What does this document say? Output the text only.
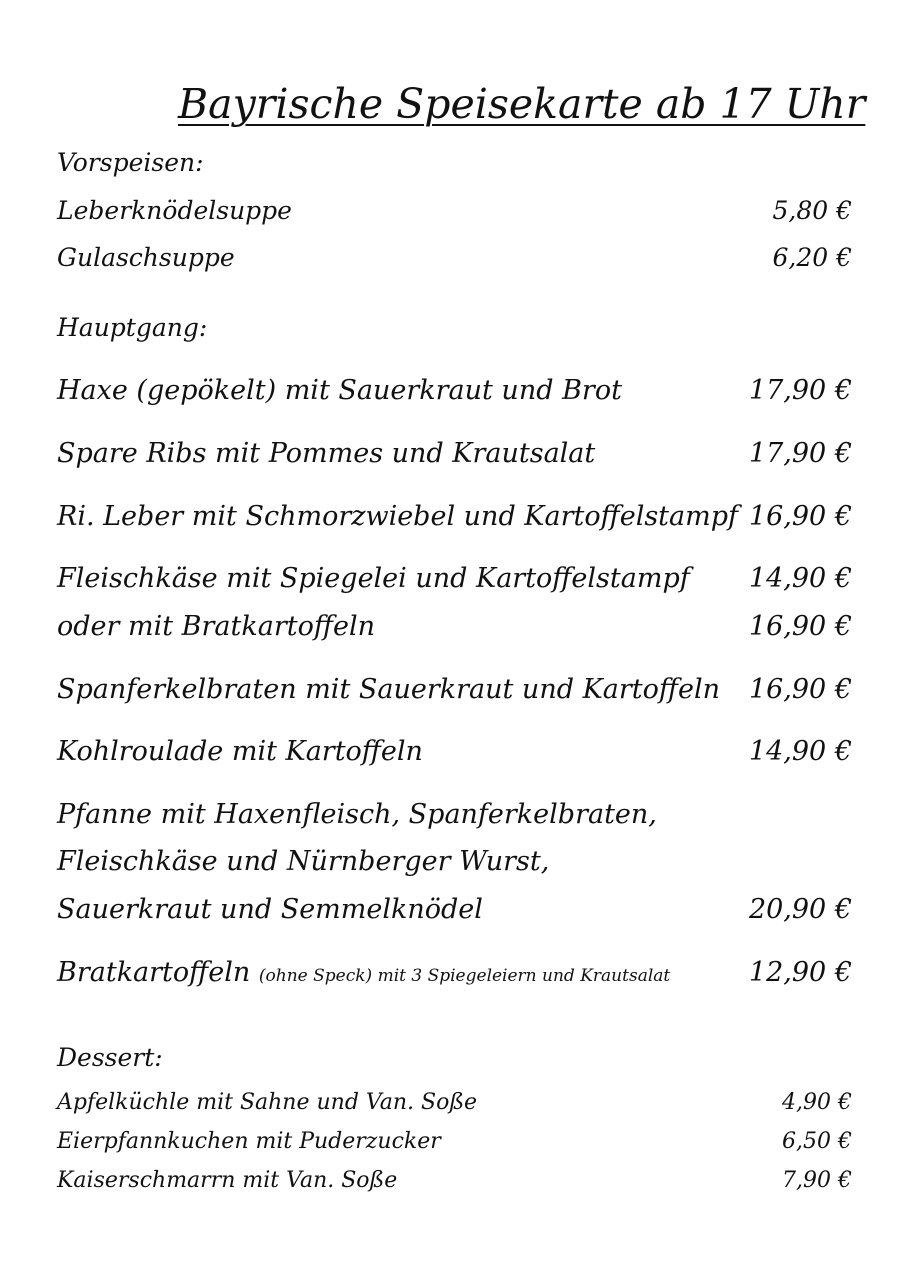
Bayrische Speisekarte ab 17 Uhr
Vorspeisen:
Leberknödelsuppe	5,80 €
Gulaschsuppe	6,20 €
Hauptgang:
Haxe (gepökelt) mit Sauerkraut und Brot	17,90 €
Spare Ribs mit Pommes und Krautsalat	17,90 €
Ri. Leber mit Schmorzwiebel und Kartoffelstampf 16,90 €
Fleischkäse mit Spiegelei und Kartoffelstampf 14,90 €
oder mit Bratkartoffeln	16,90 €
Spanferkelbraten mit Sauerkraut und Kartoffeln 16,90 €
Kohlroulade mit Kartoffeln	14,90 €
Pfanne mit Haxenfleisch, Spanferkelbraten,
Fleischkäse und Nürnberger Wurst,
Sauerkraut und Semmelknödel	20,90 €
Bratkartoffeln (ohne Speck) mit 3 Spiegeleiern und Krautsalat	12,90 €
Dessert:
Apfelküchle mit Sahne und Van. Soße	4,90 €
Eierpfannkuchen mit Puderzucker	6,50 €
Kaiserschmarrn mit Van. Soße	7,90 €
